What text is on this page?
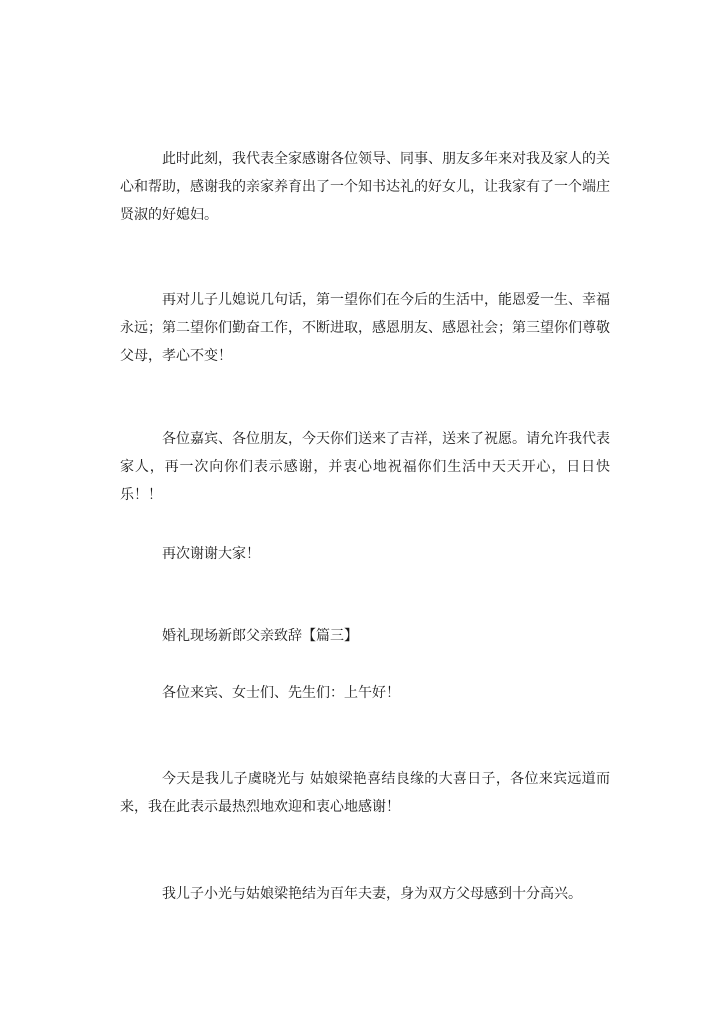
此时此刻，我代表全家感谢各位领导、同事、朋友多年来对我及家人的关心和帮助，感谢我的亲家养育出了一个知书达礼的好女儿，让我家有了一个端庄贤淑的好媳妇。

再对儿子儿媳说几句话，第一望你们在今后的生活中，能恩爱一生、幸福永远；第二望你们勤奋工作，不断进取，感恩朋友、感恩社会；第三望你们尊敬父母，孝心不变！

各位嘉宾、各位朋友，今天你们送来了吉祥，送来了祝愿。请允许我代表家人，再一次向你们表示感谢，并衷心地祝福你们生活中天天开心，日日快乐！！

再次谢谢大家！

婚礼现场新郎父亲致辞【篇三】

各位来宾、女士们、先生们：上午好！

今天是我儿子虞晓光与 姑娘梁艳喜结良缘的大喜日子，各位来宾远道而来，我在此表示最热烈地欢迎和衷心地感谢！

我儿子小光与姑娘梁艳结为百年夫妻，身为双方父母感到十分高兴。
